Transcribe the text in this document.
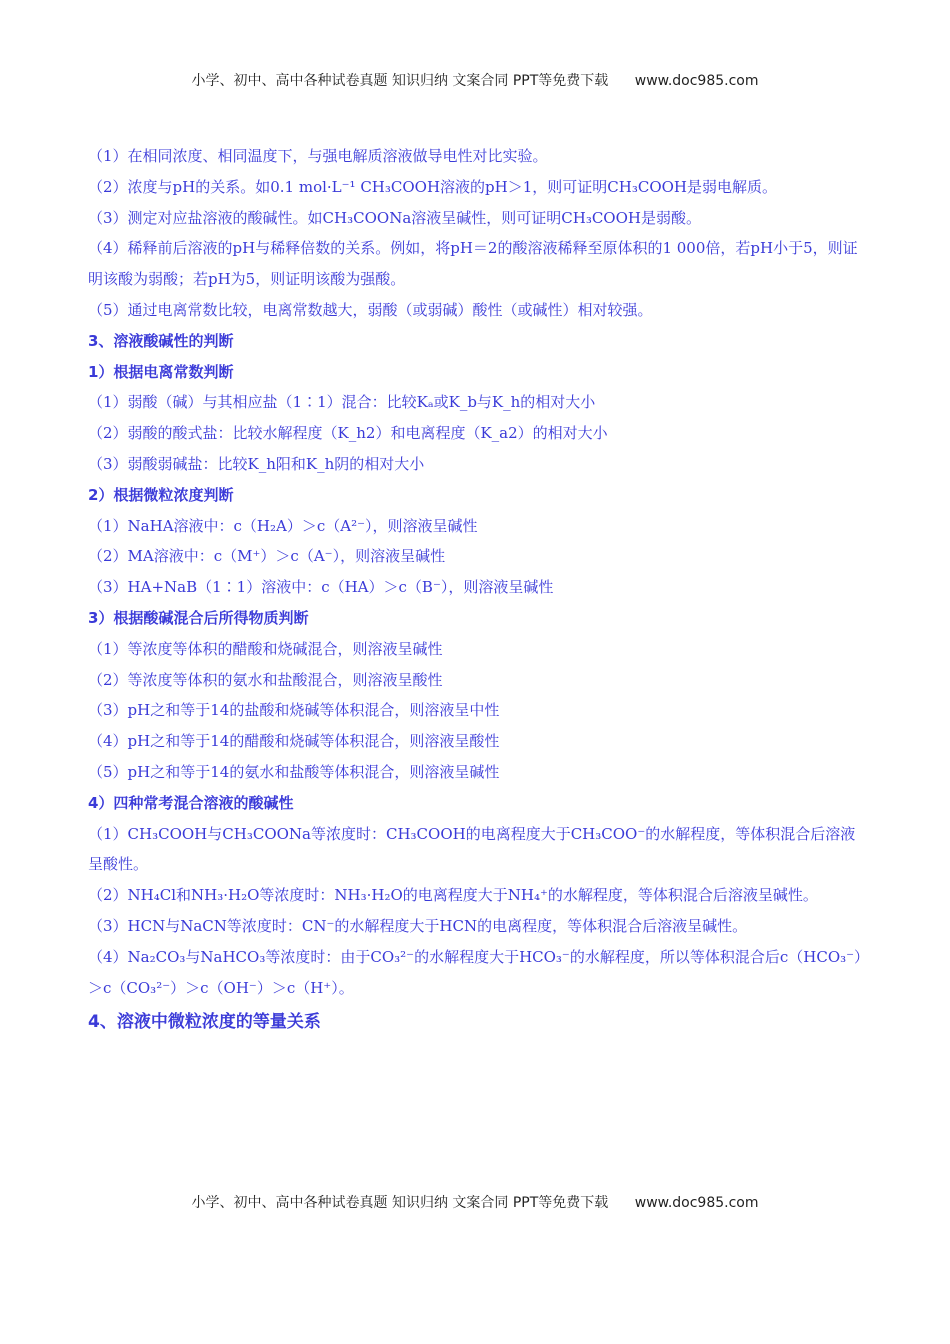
小学、初中、高中各种试卷真题 知识归纳 文案合同 PPT等免费下载 www.doc985.com
（1）在相同浓度、相同温度下，与强电解质溶液做导电性对比实验。
（2）浓度与pH的关系。如0.1 mol·L⁻¹ CH₃COOH溶液的pH＞1，则可证明CH₃COOH是弱电解质。
（3）测定对应盐溶液的酸碱性。如CH₃COONa溶液呈碱性，则可证明CH₃COOH是弱酸。
（4）稀释前后溶液的pH与稀释倍数的关系。例如，将pH＝2的酸溶液稀释至原体积的1 000倍，若pH小于5，则证明该酸为弱酸；若pH为5，则证明该酸为强酸。
（5）通过电离常数比较，电离常数越大，弱酸（或弱碱）酸性（或碱性）相对较强。
3、溶液酸碱性的判断
1）根据电离常数判断
（1）弱酸（碱）与其相应盐（1∶1）混合：比较Kₐ或K_b与K_h的相对大小
（2）弱酸的酸式盐：比较水解程度（K_h2）和电离程度（K_a2）的相对大小
（3）弱酸弱碱盐：比较K_h阳和K_h阴的相对大小
2）根据微粒浓度判断
（1）NaHA溶液中：c（H₂A）＞c（A²⁻），则溶液呈碱性
（2）MA溶液中：c（M⁺）＞c（A⁻），则溶液呈碱性
（3）HA+NaB（1∶1）溶液中：c（HA）＞c（B⁻），则溶液呈碱性
3）根据酸碱混合后所得物质判断
（1）等浓度等体积的醋酸和烧碱混合，则溶液呈碱性
（2）等浓度等体积的氨水和盐酸混合，则溶液呈酸性
（3）pH之和等于14的盐酸和烧碱等体积混合，则溶液呈中性
（4）pH之和等于14的醋酸和烧碱等体积混合，则溶液呈酸性
（5）pH之和等于14的氨水和盐酸等体积混合，则溶液呈碱性
4）四种常考混合溶液的酸碱性
（1）CH₃COOH与CH₃COONa等浓度时：CH₃COOH的电离程度大于CH₃COO⁻的水解程度，等体积混合后溶液呈酸性。
（2）NH₄Cl和NH₃·H₂O等浓度时：NH₃·H₂O的电离程度大于NH₄⁺的水解程度，等体积混合后溶液呈碱性。
（3）HCN与NaCN等浓度时：CN⁻的水解程度大于HCN的电离程度，等体积混合后溶液呈碱性。
（4）Na₂CO₃与NaHCO₃等浓度时：由于CO₃²⁻的水解程度大于HCO₃⁻的水解程度，所以等体积混合后c（HCO₃⁻）＞c（CO₃²⁻）＞c（OH⁻）＞c（H⁺）。
4、溶液中微粒浓度的等量关系
小学、初中、高中各种试卷真题 知识归纳 文案合同 PPT等免费下载 www.doc985.com
